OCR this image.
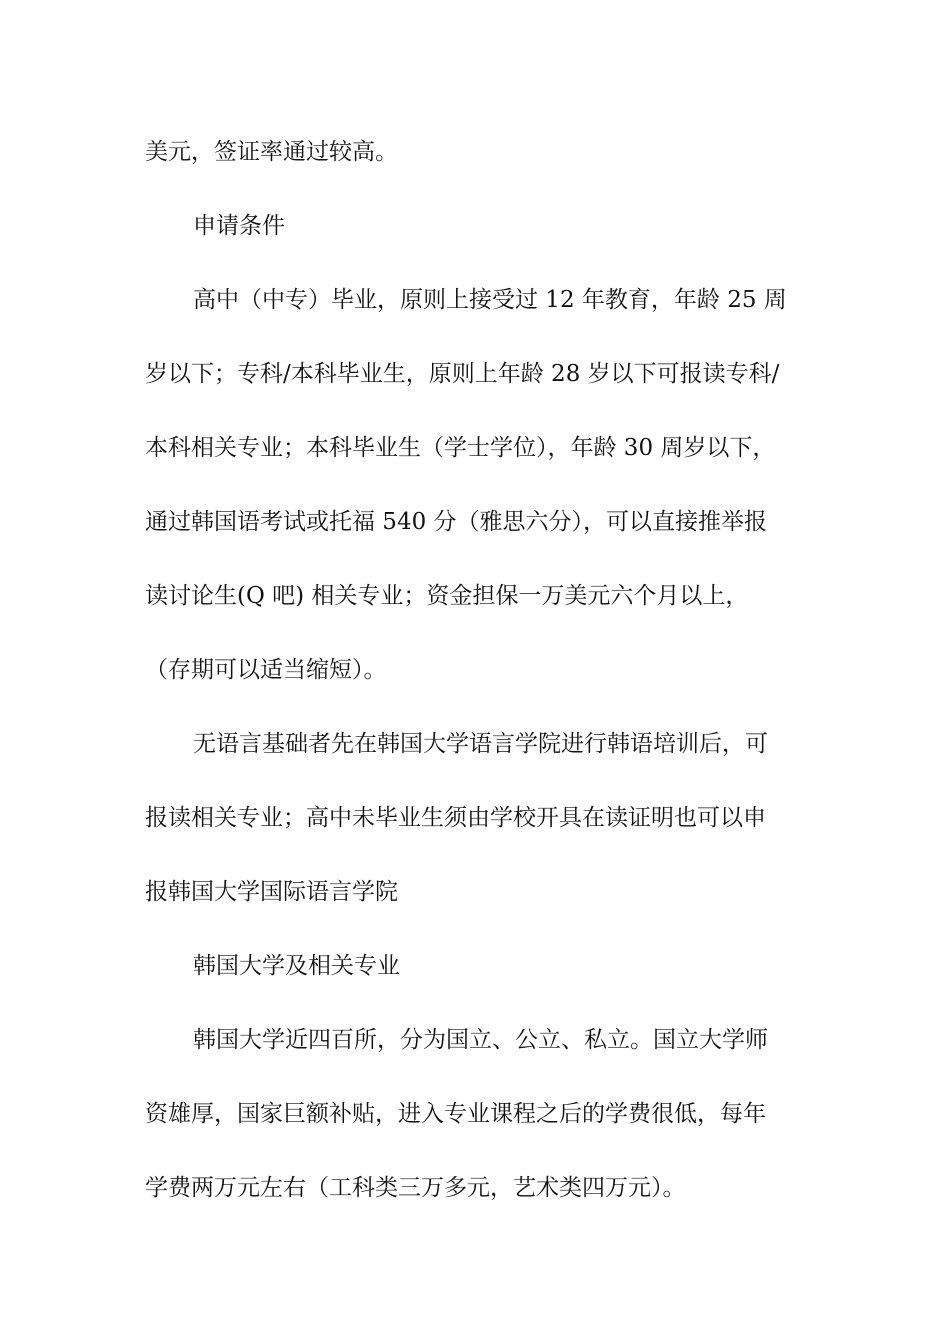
美元，签证率通过较高。
申请条件
高中（中专）毕业，原则上接受过 12 年教育，年龄 25 周
岁以下；专科/本科毕业生，原则上年龄 28 岁以下可报读专科/
本科相关专业；本科毕业生（学士学位），年龄 30 周岁以下，
通过韩国语考试或托福 540 分（雅思六分），可以直接推举报
读讨论生(Q 吧) 相关专业；资金担保一万美元六个月以上，
（存期可以适当缩短）。
无语言基础者先在韩国大学语言学院进行韩语培训后，可
报读相关专业；高中未毕业生须由学校开具在读证明也可以申
报韩国大学国际语言学院
韩国大学及相关专业
韩国大学近四百所，分为国立、公立、私立。国立大学师
资雄厚，国家巨额补贴，进入专业课程之后的学费很低，每年
学费两万元左右（工科类三万多元，艺术类四万元）。
